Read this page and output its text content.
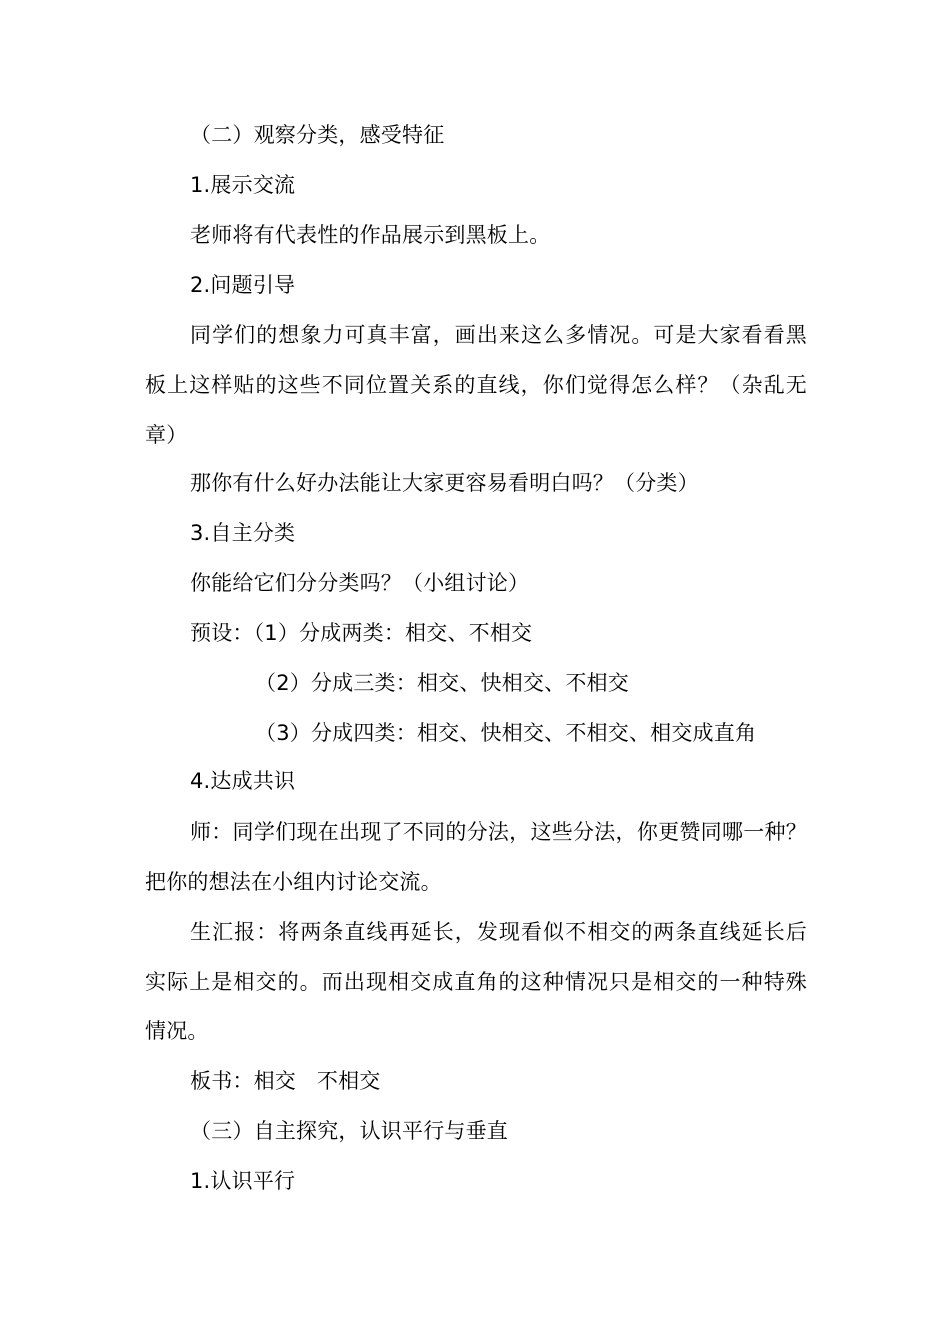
（二）观察分类，感受特征
1.展示交流
老师将有代表性的作品展示到黑板上。
2.问题引导
同学们的想象力可真丰富，画出来这么多情况。可是大家看看黑
板上这样贴的这些不同位置关系的直线，你们觉得怎么样？（杂乱无
章）
那你有什么好办法能让大家更容易看明白吗？（分类）
3.自主分类
你能给它们分分类吗？（小组讨论）
预设：（1）分成两类：相交、不相交
（2）分成三类：相交、快相交、不相交
（3）分成四类：相交、快相交、不相交、相交成直角
4.达成共识
师：同学们现在出现了不同的分法，这些分法，你更赞同哪一种？
把你的想法在小组内讨论交流。
生汇报：将两条直线再延长，发现看似不相交的两条直线延长后
实际上是相交的。而出现相交成直角的这种情况只是相交的一种特殊
情况。
板书：相交 不相交
（三）自主探究，认识平行与垂直
1.认识平行
